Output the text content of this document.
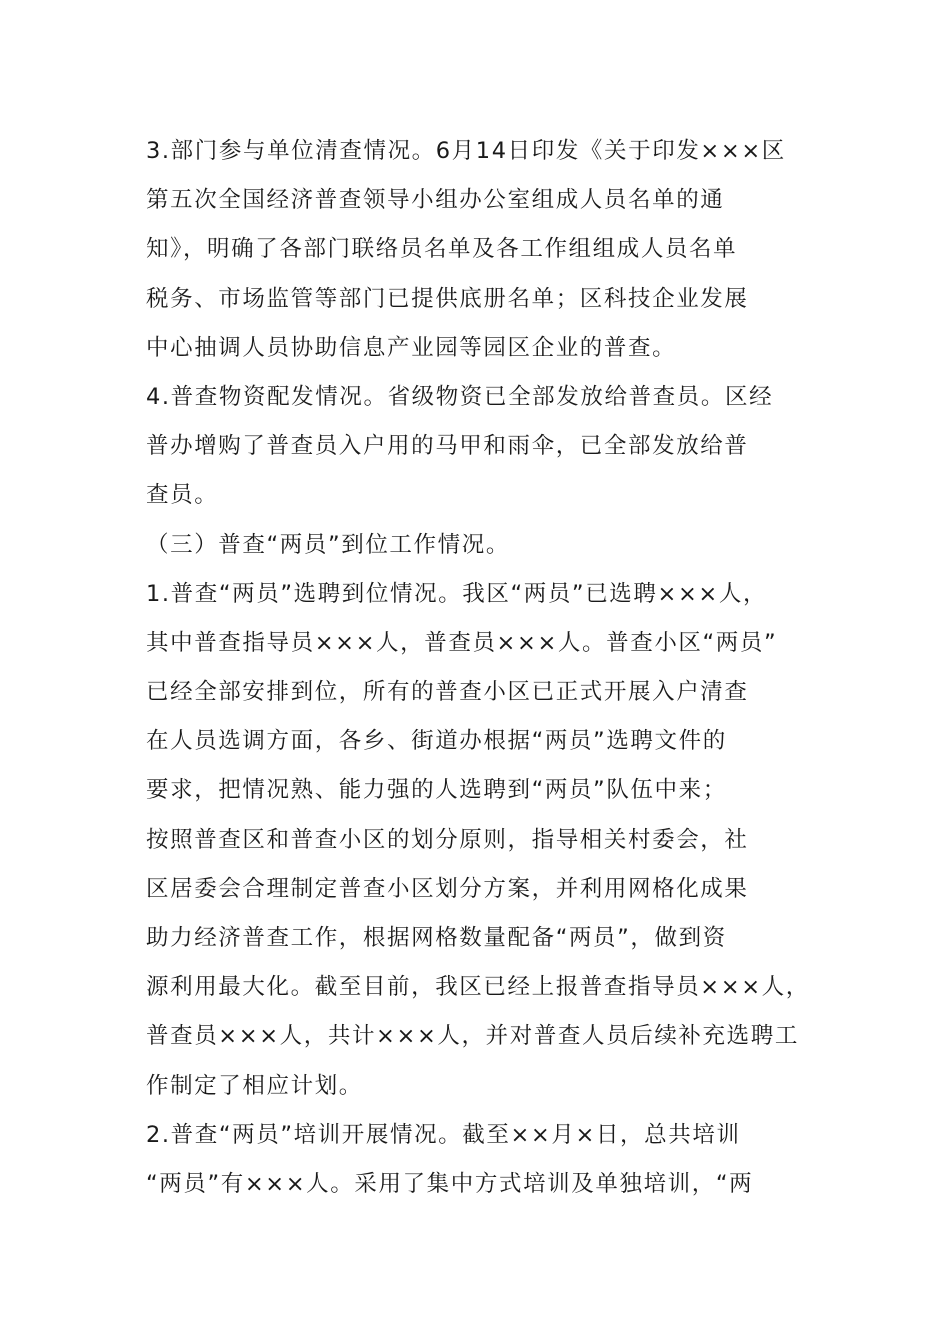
3.部门参与单位清查情况。6月14日印发《关于印发×××区
第五次全国经济普查领导小组办公室组成人员名单的通
知》，明确了各部门联络员名单及各工作组组成人员名单
税务、市场监管等部门已提供底册名单；区科技企业发展
中心抽调人员协助信息产业园等园区企业的普查。
4.普查物资配发情况。省级物资已全部发放给普查员。区经
普办增购了普查员入户用的马甲和雨伞，已全部发放给普
查员。
（三）普查“两员”到位工作情况。
1.普查“两员”选聘到位情况。我区“两员”已选聘×××人，
其中普查指导员×××人，普查员×××人。普查小区“两员”
已经全部安排到位，所有的普查小区已正式开展入户清查
在人员选调方面，各乡、街道办根据“两员”选聘文件的
要求，把情况熟、能力强的人选聘到“两员”队伍中来；
按照普查区和普查小区的划分原则，指导相关村委会，社
区居委会合理制定普查小区划分方案，并利用网格化成果
助力经济普查工作，根据网格数量配备“两员”，做到资
源利用最大化。截至目前，我区已经上报普查指导员×××人，
普查员×××人，共计×××人，并对普查人员后续补充选聘工
作制定了相应计划。
2.普查“两员”培训开展情况。截至××月×日，总共培训
“两员”有×××人。采用了集中方式培训及单独培训，“两
